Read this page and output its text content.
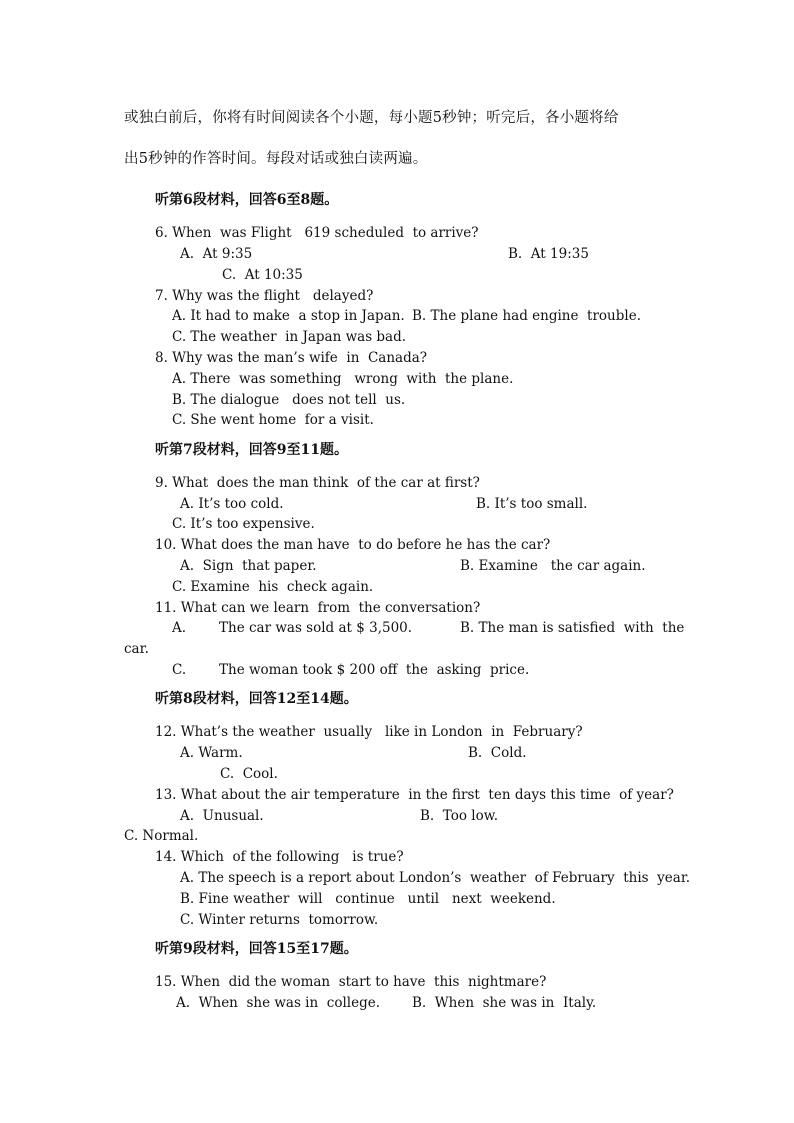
或独白前后，你将有时间阅读各个小题，每小题5秒钟；听完后，各小题将给
出5秒钟的作答时间。每段对话或独白读两遍。
听第6段材料，回答6至8题。
6. When  was Flight   619 scheduled  to arrive?
A.  At 9:35	B.  At 19:35
C.  At 10:35
7. Why was the flight   delayed?
A. It had to make  a stop in Japan. B. The plane had engine  trouble.
C. The weather  in Japan was bad.
8. Why was the man’s wife  in  Canada?
A. There  was something   wrong  with  the plane.
B. The dialogue   does not tell  us.
C. She went home  for a visit.
听第7段材料，回答9至11题。
9. What  does the man think  of the car at first?
A. It’s too cold.	B. It’s too small.
C. It’s too expensive.
10. What does the man have  to do before he has the car?
A.  Sign  that paper.	B. Examine   the car again.
C. Examine  his  check again.
11. What can we learn  from  the conversation?
A. The car was sold at $ 3,500.	B. The man is satisfied  with  the
car.
C. The woman took $ 200 off  the  asking  price.
听第8段材料，回答12至14题。
12. What’s the weather  usually   like in London  in  February?
A. Warm.	B.  Cold.
C.  Cool.
13. What about the air temperature  in the first  ten days this time  of year?
A.  Unusual.	B.  Too low.
C. Normal.
14. Which  of the following   is true?
A. The speech is a report about London’s  weather  of February  this  year.
B. Fine weather  will   continue   until   next  weekend.
C. Winter returns  tomorrow.
听第9段材料，回答15至17题。
15. When  did the woman  start to have  this  nightmare?
A.  When  she was in  college. B.  When  she was in  Italy.
